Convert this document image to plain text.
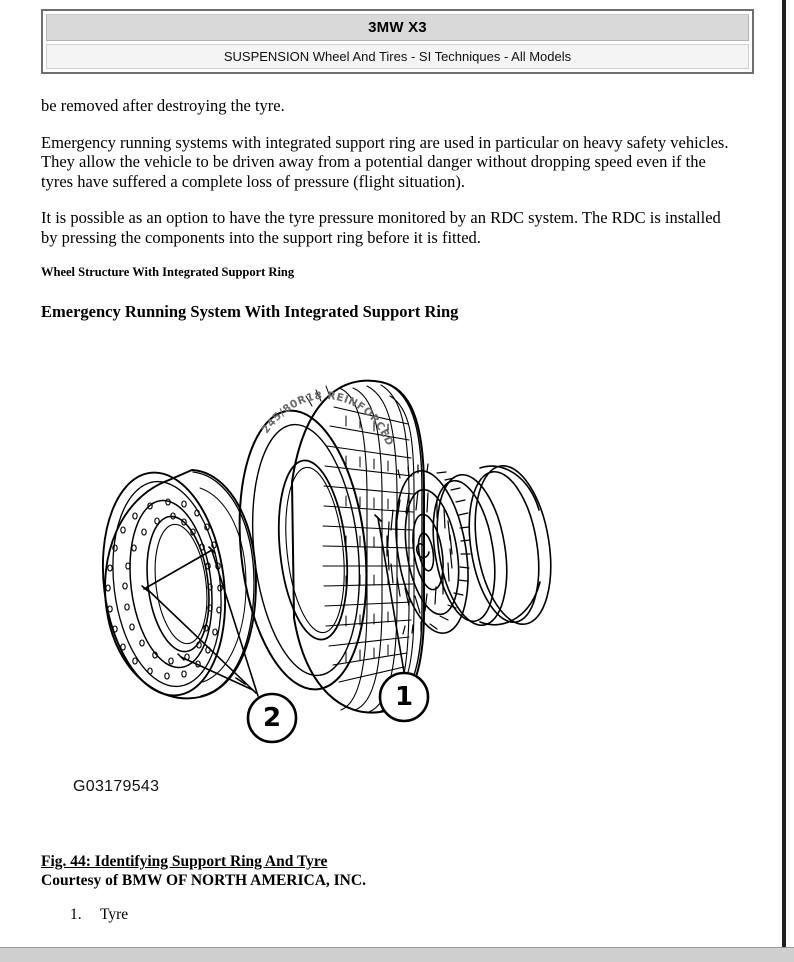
3MW X3
SUSPENSION Wheel And Tires - SI Techniques - All Models

be removed after destroying the tyre.

Emergency running systems with integrated support ring are used in particular on heavy safety vehicles. They allow the vehicle to be driven away from a potential danger without dropping speed even if the tyres have suffered a complete loss of pressure (flight situation).

It is possible as an option to have the tyre pressure monitored by an RDC system. The RDC is installed by pressing the components into the support ring before it is fitted.

Wheel Structure With Integrated Support Ring
Emergency Running System With Integrated Support Ring
245/80R18 REINFORCED
2
1
G03179543
Fig. 44: Identifying Support Ring And Tyre
Courtesy of BMW OF NORTH AMERICA, INC.
1.	Tyre
